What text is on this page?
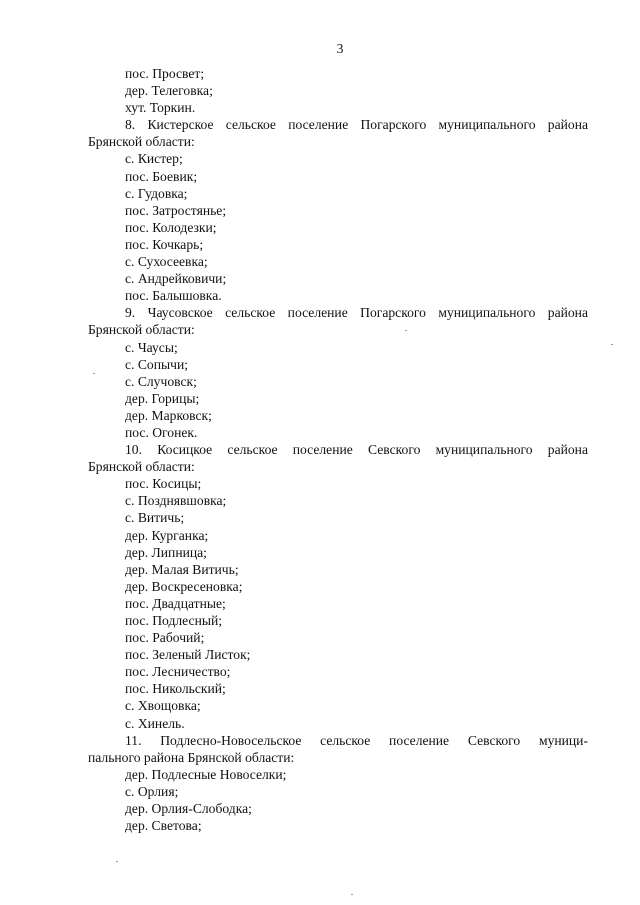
3
пос. Просвет;
дер. Телеговка;
хут. Торкин.
8. Кистерское сельское поселение Погарского муниципального района
Брянской области:
с. Кистер;
пос. Боевик;
с. Гудовка;
пос. Затростянье;
пос. Колодезки;
пос. Кочкарь;
с. Сухосеевка;
с. Андрейковичи;
пос. Балышовка.
9. Чаусовское сельское поселение Погарского муниципального района
Брянской области:
с. Чаусы;
с. Сопычи;
с. Случовск;
дер. Горицы;
дер. Марковск;
пос. Огонек.
10. Косицкое сельское поселение Севского муниципального района
Брянской области:
пос. Косицы;
с. Позднявшовка;
с. Витичь;
дер. Курганка;
дер. Липница;
дер. Малая Витичь;
дер. Воскресеновка;
пос. Двадцатные;
пос. Подлесный;
пос. Рабочий;
пос. Зеленый Листок;
пос. Лесничество;
пос. Никольский;
с. Хвощовка;
с. Хинель.
11. Подлесно-Новосельское сельское поселение Севского муници-
пального района Брянской области:
дер. Подлесные Новоселки;
с. Орлия;
дер. Орлия-Слободка;
дер. Светова;
